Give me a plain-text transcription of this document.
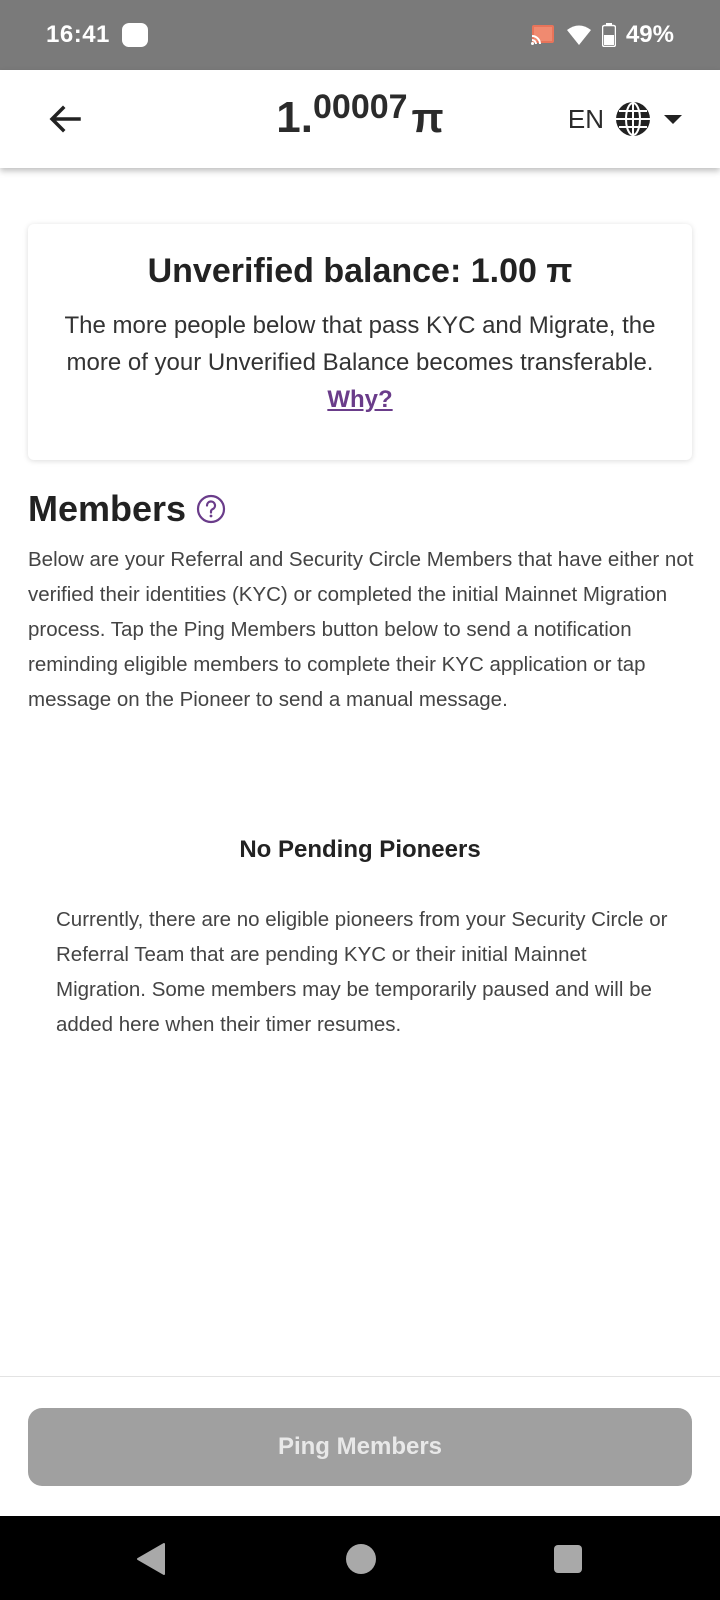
16:41	49%
1.00007π	EN
Unverified balance: 1.00 π

The more people below that pass KYC and Migrate, the more of your Unverified Balance becomes transferable. Why?

Members
Below are your Referral and Security Circle Members that have either not verified their identities (KYC) or completed the initial Mainnet Migration process. Tap the Ping Members button below to send a notification reminding eligible members to complete their KYC application or tap message on the Pioneer to send a manual message.
No Pending Pioneers
Currently, there are no eligible pioneers from your Security Circle or Referral Team that are pending KYC or their initial Mainnet Migration. Some members may be temporarily paused and will be added here when their timer resumes.
Ping Members
